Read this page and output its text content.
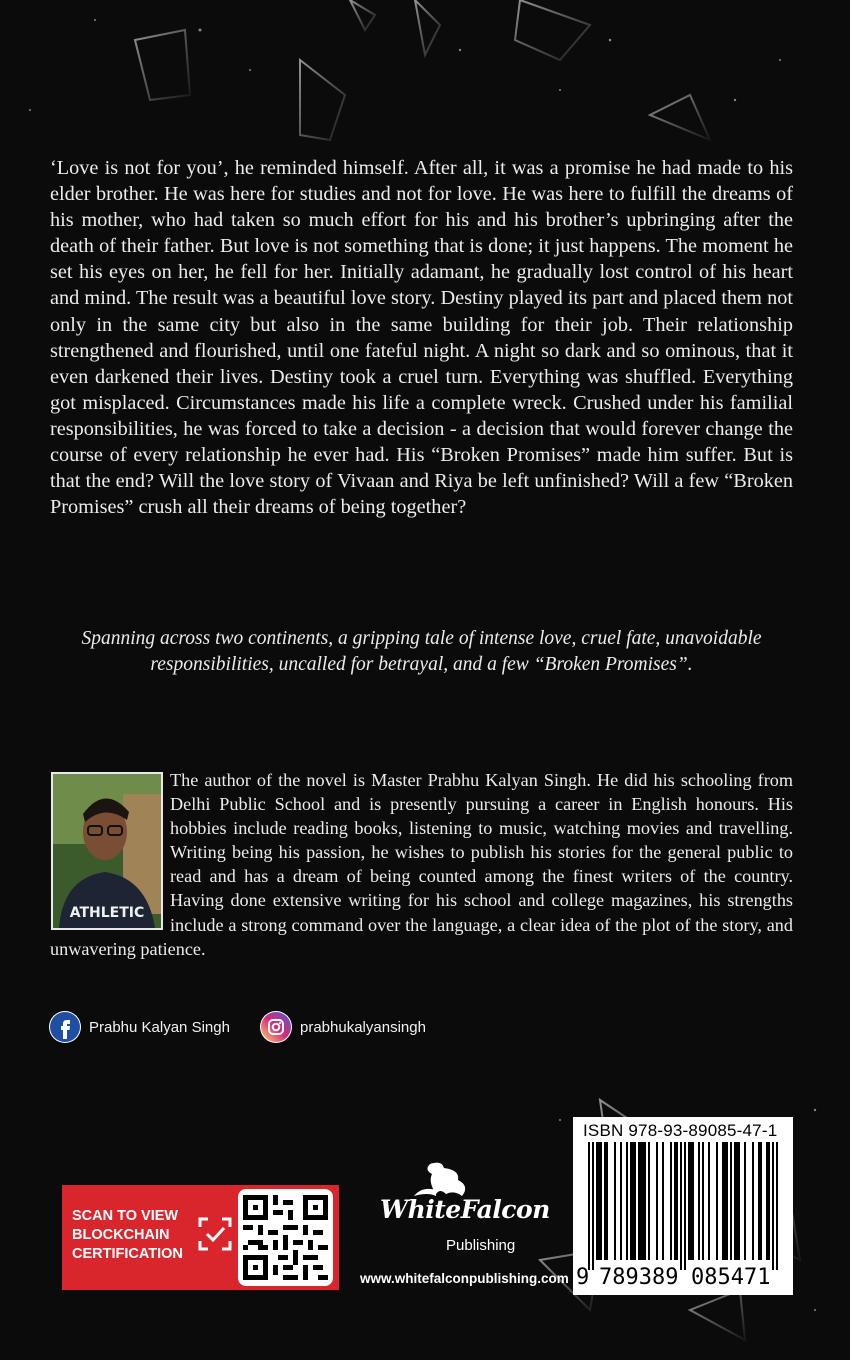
‘Love is not for you’, he reminded himself. After all, it was a promise he had made to his elder brother. He was here for studies and not for love. He was here to fulfill the dreams of his mother, who had taken so much effort for his and his brother’s upbringing after the death of their father. But love is not something that is done; it just happens. The moment he set his eyes on her, he fell for her. Initially adamant, he gradually lost control of his heart and mind. The result was a beautiful love story. Destiny played its part and placed them not only in the same city but also in the same building for their job. Their relationship strengthened and flourished, until one fateful night. A night so dark and so ominous, that it even darkened their lives. Destiny took a cruel turn. Everything was shuffled. Everything got misplaced. Circumstances made his life a complete wreck. Crushed under his familial responsibilities, he was forced to take a decision - a decision that would forever change the course of every relationship he ever had. His “Broken Promises” made him suffer. But is that the end? Will the love story of Vivaan and Riya be left unfinished? Will a few “Broken Promises” crush all their dreams of being together?

Spanning across two continents, a gripping tale of intense love, cruel fate, unavoidable responsibilities, uncalled for betrayal, and a few “Broken Promises”.

ATHLETIC

The author of the novel is Master Prabhu Kalyan Singh. He did his schooling from Delhi Public School and is presently pursuing a career in English honours. His hobbies include reading books, listening to music, watching movies and travelling. Writing being his passion, he wishes to publish his stories for the general public to read and has a dream of being counted among the finest writers of the country. Having done extensive writing for his school and college magazines, his strengths include a strong command over the language, a clear idea of the plot of the story, and unwavering patience.

Prabhu Kalyan Singh	prabhukalyansingh
SCAN TO VIEW
BLOCKCHAIN
CERTIFICATION
WhiteFalcon
Publishing
www.whitefalconpublishing.com
ISBN 978-93-89085-47-1
9 789389 085471
